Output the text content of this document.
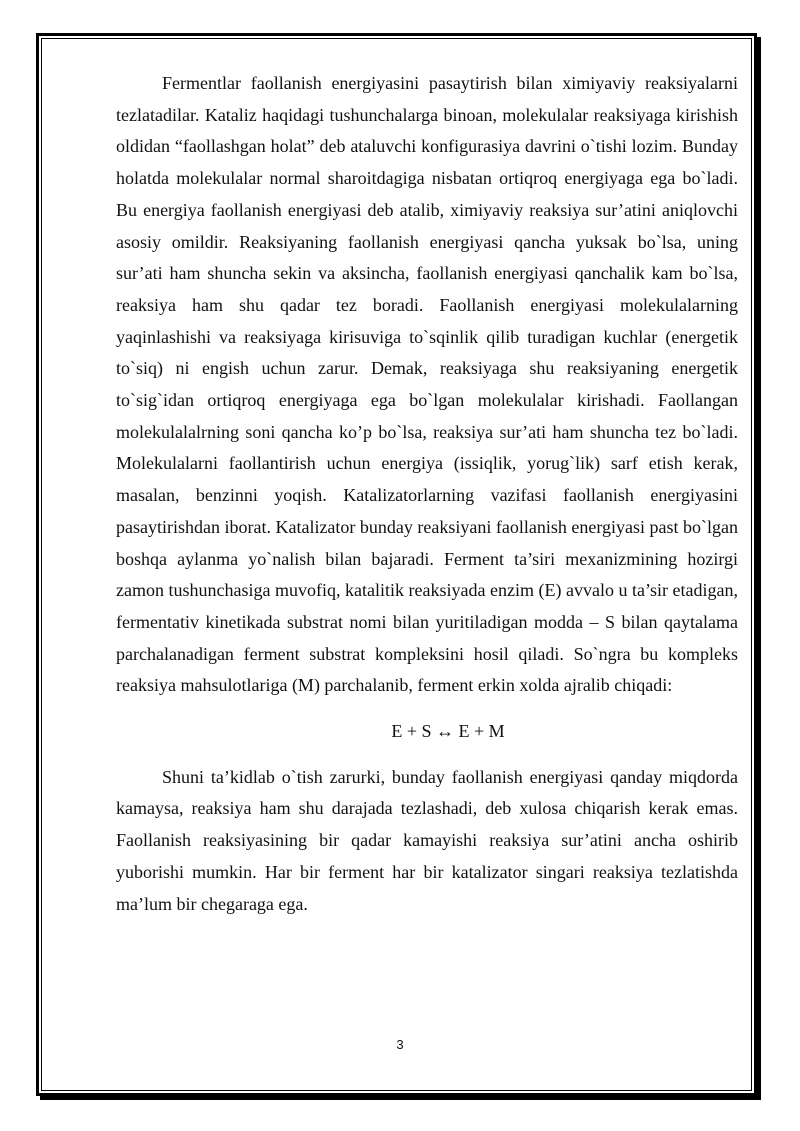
Fermentlar faollanish energiyasini pasaytirish bilan ximiyaviy reaksiyalarni tezlatadilar. Kataliz haqidagi tushunchalarga binoan, molekulalar reaksiyaga kirishish oldidan “faollashgan holat” deb ataluvchi konfigurasiya davrini o`tishi lozim. Bunday holatda molekulalar normal sharoitdagiga nisbatan ortiqroq energiyaga ega bo`ladi. Bu energiya faollanish energiyasi deb atalib, ximiyaviy reaksiya sur’atini aniqlovchi asosiy omildir. Reaksiyaning faollanish energiyasi qancha yuksak bo`lsa, uning sur’ati ham shuncha sekin va aksincha, faollanish energiyasi qanchalik kam bo`lsa, reaksiya ham shu qadar tez boradi. Faollanish energiyasi molekulalarning yaqinlashishi va reaksiyaga kirisuviga to`sqinlik qilib turadigan kuchlar (energetik to`siq) ni engish uchun zarur. Demak, reaksiyaga shu reaksiyaning energetik to`sig`idan ortiqroq energiyaga ega bo`lgan molekulalar kirishadi. Faollangan molekulalalrning soni qancha ko’p bo`lsa, reaksiya sur’ati ham shuncha tez bo`ladi. Molekulalarni faollantirish uchun energiya (issiqlik, yorug`lik) sarf etish kerak, masalan, benzinni yoqish. Katalizatorlarning vazifasi faollanish energiyasini pasaytirishdan iborat. Katalizator bunday reaksiyani faollanish energiyasi past bo`lgan boshqa aylanma yo`nalish bilan bajaradi. Ferment ta’siri mexanizmining hozirgi zamon tushunchasiga muvofiq, katalitik reaksiyada enzim (E) avvalo u ta’sir etadigan, fermentativ kinetikada substrat nomi bilan yuritiladigan modda – S bilan qaytalama parchalanadigan ferment substrat kompleksini hosil qiladi. So`ngra bu kompleks reaksiya mahsulotlariga (M) parchalanib, ferment erkin xolda ajralib chiqadi:

E + S ↔ E + M

Shuni ta’kidlab o`tish zarurki, bunday faollanish energiyasi qanday miqdorda kamaysa, reaksiya ham shu darajada tezlashadi, deb xulosa chiqarish kerak emas. Faollanish reaksiyasining bir qadar kamayishi reaksiya sur’atini ancha oshirib yuborishi mumkin. Har bir ferment har bir katalizator singari reaksiya tezlatishda ma’lum bir chegaraga ega.

3
